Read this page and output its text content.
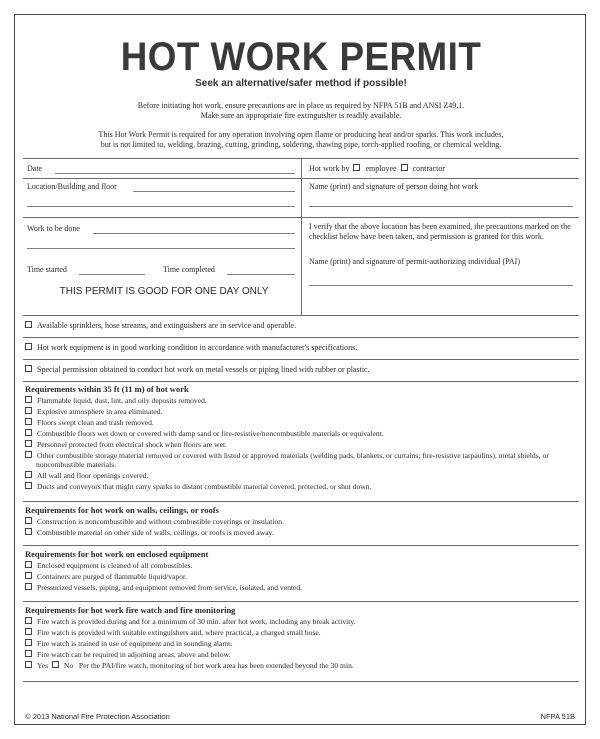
HOT WORK PERMIT
Seek an alternative/safer method if possible!
Before initiating hot work, ensure precautions are in place as required by NFPA 51B and ANSI Z49.1.
Make sure an appropriate fire extinguisher is readily available.
This Hot Work Permit is required for any operation involving open flame or producing heat and/or sparks. This work includes,
but is not limited to, welding, brazing, cutting, grinding, soldering, thawing pipe, torch-applied roofing, or chemical welding.
Date
Location/Building and floor
Work to be done
Time started	Time completed
THIS PERMIT IS GOOD FOR ONE DAY ONLY
Hot work by employee contractor
Name (print) and signature of person doing hot work
I verify that the above location has been examined, the precautions marked on the checklist below have been taken, and permission is granted for this work.
Name (print) and signature of permit-authorizing individual (PAI)
Available sprinklers, hose streams, and extinguishers are in service and operable.
Hot work equipment is in good working condition in accordance with manufacturer's specifications.
Special permission obtained to conduct hot work on metal vessels or piping lined with rubber or plastic.
Requirements within 35 ft (11 m) of hot work
Flammable liquid, dust, lint, and oily deposits removed.
Explosive atmosphere in area eliminated.
Floors swept clean and trash removed.
Combustible floors wet down or covered with damp sand or fire-resistive/noncombustible materials or equivalent.
Personnel protected from electrical shock when floors are wet.
Other combustible storage material removed or covered with listed or approved materials (welding pads, blankets, or curtains; fire-resistive tarpaulins), metal shields, or noncombustible materials.
All wall and floor openings covered.
Ducts and conveyors that might carry sparks to distant combustible material covered, protected, or shut down.
Requirements for hot work on walls, ceilings, or roofs
Construction is noncombustible and without combustible coverings or insulation.
Combustible material on other side of walls, ceilings, or roofs is moved away.
Requirements for hot work on enclosed equipment
Enclosed equipment is cleaned of all combustibles.
Containers are purged of flammable liquid/vapor.
Pressurized vessels, piping, and equipment removed from service, isolated, and vented.
Requirements for hot work fire watch and fire monitoring
Fire watch is provided during and for a minimum of 30 min. after hot work, including any break activity.
Fire watch is provided with suitable extinguishers and, where practical, a charged small hose.
Fire watch is trained in use of equipment and in sounding alarm.
Fire watch can be required in adjoining areas, above and below.
Yes No Per the PAI/fire watch, monitoring of hot work area has been extended beyond the 30 min.
© 2013 National Fire Protection Association	NFPA 51B
